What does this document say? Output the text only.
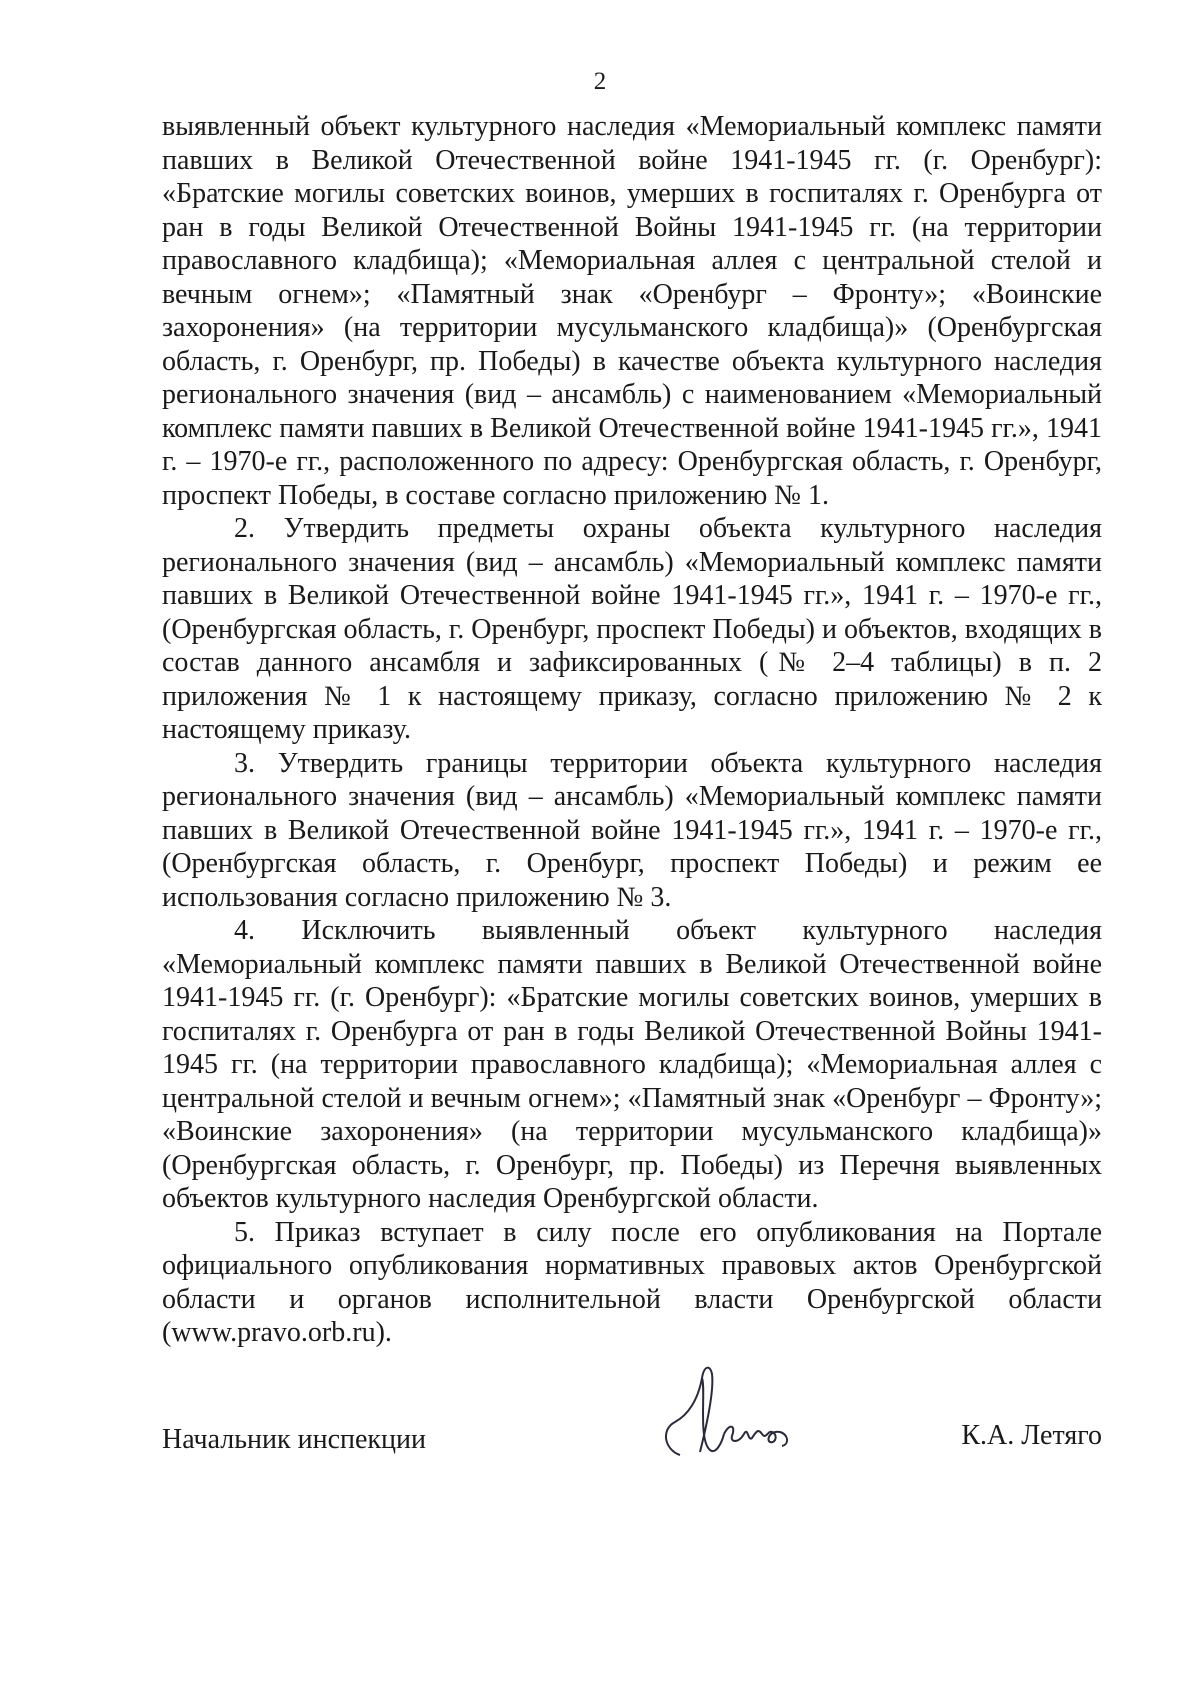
2

выявленный объект культурного наследия «Мемориальный комплекс памяти павших в Великой Отечественной войне 1941-1945 гг. (г. Оренбург): «Братские могилы советских воинов, умерших в госпиталях г. Оренбурга от ран в годы Великой Отечественной Войны 1941-1945 гг. (на территории православного кладбища); «Мемориальная аллея с центральной стелой и вечным огнем»; «Памятный знак «Оренбург – Фронту»; «Воинские захоронения» (на территории мусульманского кладбища)» (Оренбургская область, г. Оренбург, пр. Победы) в качестве объекта культурного наследия регионального значения (вид – ансамбль) с наименованием «Мемориальный комплекс памяти павших в Великой Отечественной войне 1941-1945 гг.», 1941 г. – 1970-е гг., расположенного по адресу: Оренбургская область, г. Оренбург, проспект Победы, в составе согласно приложению № 1.

2. Утвердить предметы охраны объекта культурного наследия регионального значения (вид – ансамбль) «Мемориальный комплекс памяти павших в Великой Отечественной войне 1941-1945 гг.», 1941 г. – 1970-е гг., (Оренбургская область, г. Оренбург, проспект Победы) и объектов, входящих в состав данного ансамбля и зафиксированных (№ 2–4 таблицы) в п. 2 приложения № 1 к настоящему приказу, согласно приложению № 2 к настоящему приказу.

3. Утвердить границы территории объекта культурного наследия регионального значения (вид – ансамбль) «Мемориальный комплекс памяти павших в Великой Отечественной войне 1941-1945 гг.», 1941 г. – 1970-е гг., (Оренбургская область, г. Оренбург, проспект Победы) и режим ее использования согласно приложению № 3.

4. Исключить выявленный объект культурного наследия «Мемориальный комплекс памяти павших в Великой Отечественной войне 1941-1945 гг. (г. Оренбург): «Братские могилы советских воинов, умерших в госпиталях г. Оренбурга от ран в годы Великой Отечественной Войны 1941-1945 гг. (на территории православного кладбища); «Мемориальная аллея с центральной стелой и вечным огнем»; «Памятный знак «Оренбург – Фронту»; «Воинские захоронения» (на территории мусульманского кладбища)» (Оренбургская область, г. Оренбург, пр. Победы) из Перечня выявленных объектов культурного наследия Оренбургской области.

5. Приказ вступает в силу после его опубликования на Портале официального опубликования нормативных правовых актов Оренбургской области и органов исполнительной власти Оренбургской области (www.pravo.orb.ru).

Начальник инспекции	К.А. Летяго
